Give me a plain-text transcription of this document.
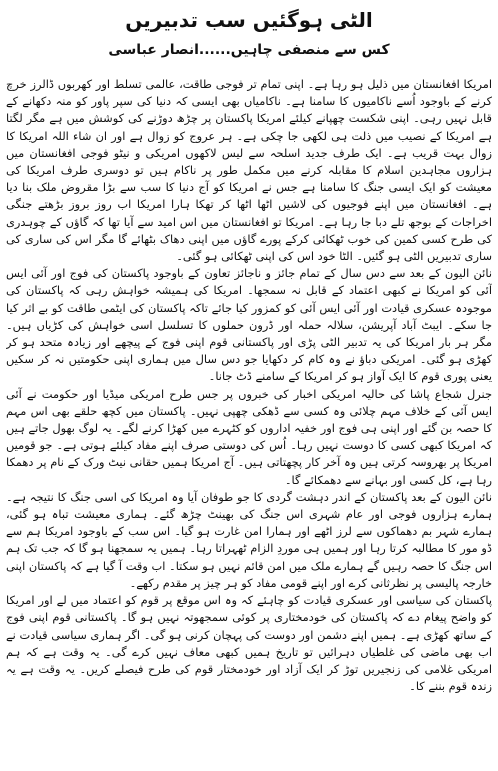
الٹی ہوگئیں سب تدبیریں
کس سے منصفی چاہیں......انصار عباسی

امریکا افغانستان میں ذلیل ہو رہا ہے۔ اپنی تمام تر فوجی طاقت، عالمی تسلط اور کھربوں ڈالرز خرچ کرنے کے باوجود اُسے ناکامیوں کا سامنا ہے۔ ناکامیاں بھی ایسی کہ دنیا کی سپر پاور کو منہ دکھانے کے قابل نہیں رہی۔ اپنی شکست چھپانے کیلئے امریکا پاکستان پر چڑھ دوڑنے کی کوشش میں ہے مگر لگتا ہے امریکا کے نصیب میں ذلت ہی لکھی جا چکی ہے۔ ہر عروج کو زوال ہے اور ان شاء اللہ امریکا کا زوال بہت قریب ہے۔ ایک طرف جدید اسلحہ سے لیس لاکھوں امریکی و نیٹو فوجی افغانستان میں ہزاروں مجاہدین اسلام کا مقابلہ کرنے میں مکمل طور پر ناکام ہیں تو دوسری طرف امریکا کی معیشت کو ایک ایسی جنگ کا سامنا ہے جس نے امریکا کو آج دنیا کا سب سے بڑا مقروض ملک بنا دیا ہے۔ افغانستان میں اپنے فوجیوں کی لاشیں اٹھا اٹھا کر تھکا ہارا امریکا اب روز بروز بڑھتے جنگی اخراجات کے بوجھ تلے دبا جا رہا ہے۔ امریکا تو افغانستان میں اس امید سے آیا تھا کہ گاؤں کے چوہدری کی طرح کسی کمین کی خوب ٹھکائی کرکے پورے گاؤں میں اپنی دھاک بٹھائے گا مگر اس کی ساری کی ساری تدبیریں الٹی ہو گئیں۔ الٹا خود اس کی اپنی ٹھکائی ہو گئی۔

نائن الیون کے بعد سے دس سال کے تمام جائز و ناجائز تعاون کے باوجود پاکستان کی فوج اور آئی ایس آئی کو امریکا نے کبھی اعتماد کے قابل نہ سمجھا۔ امریکا کی ہمیشہ خواہش رہی کہ پاکستان کی موجودہ عسکری قیادت اور آئی ایس آئی کو کمزور کیا جائے تاکہ پاکستان کی ایٹمی طاقت کو بے اثر کیا جا سکے۔ ایبٹ آباد آپریشن، سلالہ حملہ اور ڈرون حملوں کا تسلسل اسی خواہش کی کڑیاں ہیں۔ مگر ہر بار امریکا کی یہ تدبیر الٹی پڑی اور پاکستانی قوم اپنی فوج کے پیچھے اور زیادہ متحد ہو کر کھڑی ہو گئی۔ امریکی دباؤ نے وہ کام کر دکھایا جو دس سال میں ہماری اپنی حکومتیں نہ کر سکیں یعنی پوری قوم کا ایک آواز ہو کر امریکا کے سامنے ڈٹ جانا۔

جنرل شجاع پاشا کی حالیہ امریکی اخبار کی خبروں پر جس طرح امریکی میڈیا اور حکومت نے آئی ایس آئی کے خلاف مہم چلائی وہ کسی سے ڈھکی چھپی نہیں۔ پاکستان میں کچھ حلقے بھی اس مہم کا حصہ بن گئے اور اپنی ہی فوج اور خفیہ اداروں کو کٹہرے میں کھڑا کرنے لگے۔ یہ لوگ بھول جاتے ہیں کہ امریکا کبھی کسی کا دوست نہیں رہا۔ اُس کی دوستی صرف اپنے مفاد کیلئے ہوتی ہے۔ جو قومیں امریکا پر بھروسہ کرتی ہیں وہ آخر کار پچھتاتی ہیں۔ آج امریکا ہمیں حقانی نیٹ ورک کے نام پر دھمکا رہا ہے، کل کسی اور بہانے سے دھمکائے گا۔

نائن الیون کے بعد پاکستان کے اندر دہشت گردی کا جو طوفان آیا وہ امریکا کی اسی جنگ کا نتیجہ ہے۔ ہمارے ہزاروں فوجی اور عام شہری اس جنگ کی بھینٹ چڑھ گئے۔ ہماری معیشت تباہ ہو گئی، ہمارے شہر بم دھماکوں سے لرز اٹھے اور ہمارا امن غارت ہو گیا۔ اس سب کے باوجود امریکا ہم سے ڈو مور کا مطالبہ کرتا رہا اور ہمیں ہی موردِ الزام ٹھہراتا رہا۔ ہمیں یہ سمجھنا ہو گا کہ جب تک ہم اس جنگ کا حصہ رہیں گے ہمارے ملک میں امن قائم نہیں ہو سکتا۔ اب وقت آ گیا ہے کہ پاکستان اپنی خارجہ پالیسی پر نظرثانی کرے اور اپنے قومی مفاد کو ہر چیز پر مقدم رکھے۔

پاکستان کی سیاسی اور عسکری قیادت کو چاہئے کہ وہ اس موقع پر قوم کو اعتماد میں لے اور امریکا کو واضح پیغام دے کہ پاکستان کی خودمختاری پر کوئی سمجھوتہ نہیں ہو گا۔ پاکستانی قوم اپنی فوج کے ساتھ کھڑی ہے۔ ہمیں اپنے دشمن اور دوست کی پہچان کرنی ہو گی۔ اگر ہماری سیاسی قیادت نے اب بھی ماضی کی غلطیاں دہرائیں تو تاریخ ہمیں کبھی معاف نہیں کرے گی۔ یہ وقت ہے کہ ہم امریکی غلامی کی زنجیریں توڑ کر ایک آزاد اور خودمختار قوم کی طرح فیصلے کریں۔ یہ وقت ہے یہ زندہ قوم بننے کا۔
